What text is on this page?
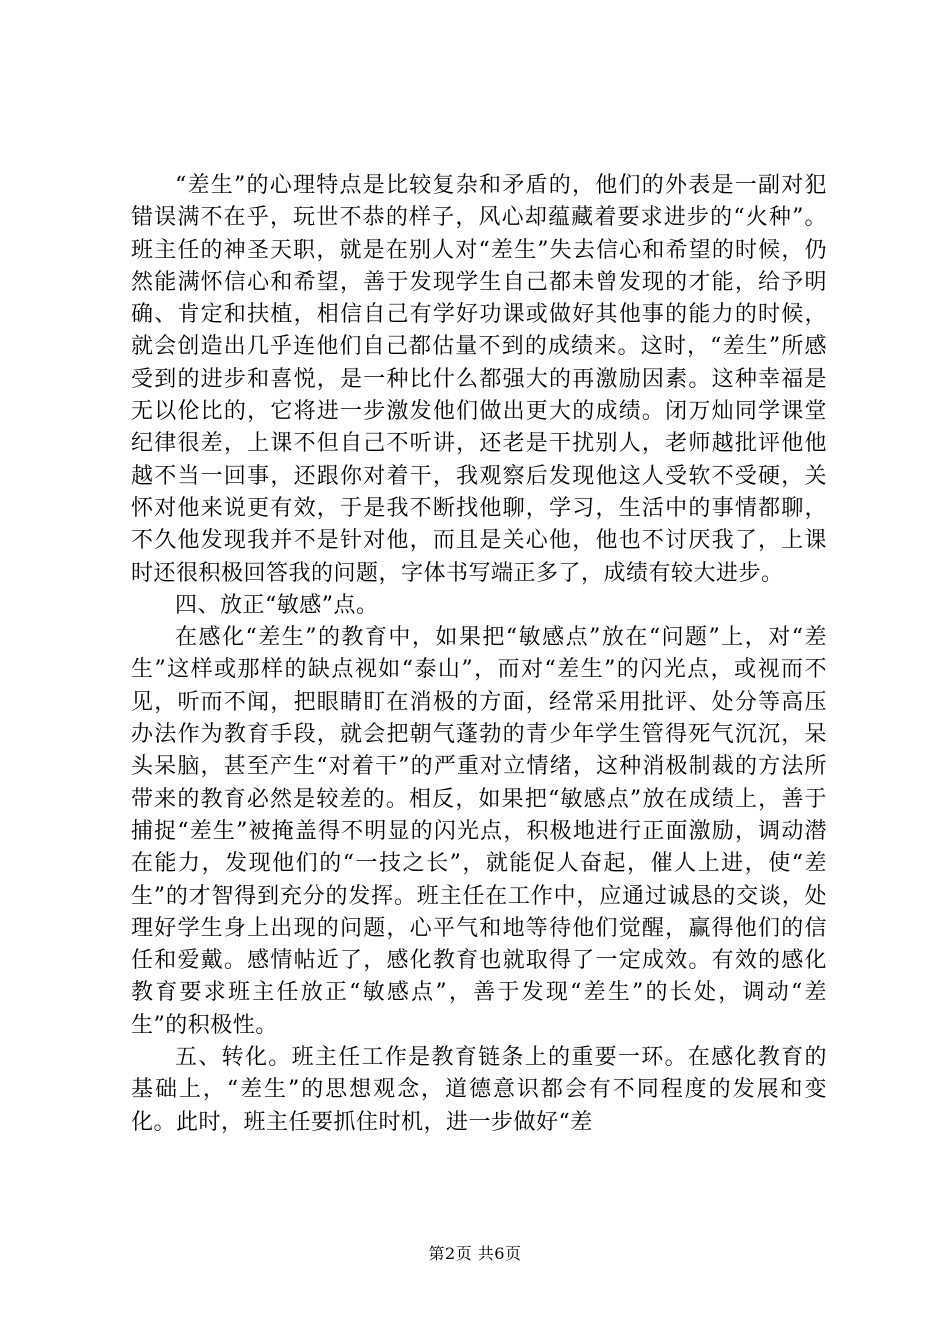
“差生”的心理特点是比较复杂和矛盾的，他们的外表是一副对犯错误满不在乎，玩世不恭的样子，风心却蕴藏着要求进步的“火种”。班主任的神圣天职，就是在别人对“差生”失去信心和希望的时候，仍然能满怀信心和希望，善于发现学生自己都未曾发现的才能，给予明确、肯定和扶植，相信自己有学好功课或做好其他事的能力的时候，就会创造出几乎连他们自己都估量不到的成绩来。这时，“差生”所感受到的进步和喜悦，是一种比什么都强大的再激励因素。这种幸福是无以伦比的，它将进一步激发他们做出更大的成绩。闭万灿同学课堂纪律很差，上课不但自己不听讲，还老是干扰别人，老师越批评他他越不当一回事，还跟你对着干，我观察后发现他这人受软不受硬，关怀对他来说更有效，于是我不断找他聊，学习，生活中的事情都聊，不久他发现我并不是针对他，而且是关心他，他也不讨厌我了，上课时还很积极回答我的问题，字体书写端正多了，成绩有较大进步。

四、放正“敏感”点。

在感化“差生”的教育中，如果把“敏感点”放在“问题”上，对“差生”这样或那样的缺点视如“泰山”，而对“差生”的闪光点，或视而不见，听而不闻，把眼睛盯在消极的方面，经常采用批评、处分等高压办法作为教育手段，就会把朝气蓬勃的青少年学生管得死气沉沉，呆头呆脑，甚至产生“对着干”的严重对立情绪，这种消极制裁的方法所带来的教育必然是较差的。相反，如果把“敏感点”放在成绩上，善于捕捉“差生”被掩盖得不明显的闪光点，积极地进行正面激励，调动潜在能力，发现他们的“一技之长”，就能促人奋起，催人上进，使“差生”的才智得到充分的发挥。班主任在工作中，应通过诚恳的交谈，处理好学生身上出现的问题，心平气和地等待他们觉醒，赢得他们的信任和爱戴。感情帖近了，感化教育也就取得了一定成效。有效的感化教育要求班主任放正“敏感点”，善于发现“差生”的长处，调动“差生”的积极性。

五、转化。班主任工作是教育链条上的重要一环。在感化教育的基础上，“差生”的思想观念，道德意识都会有不同程度的发展和变化。此时，班主任要抓住时机，进一步做好“差

第2页 共6页
